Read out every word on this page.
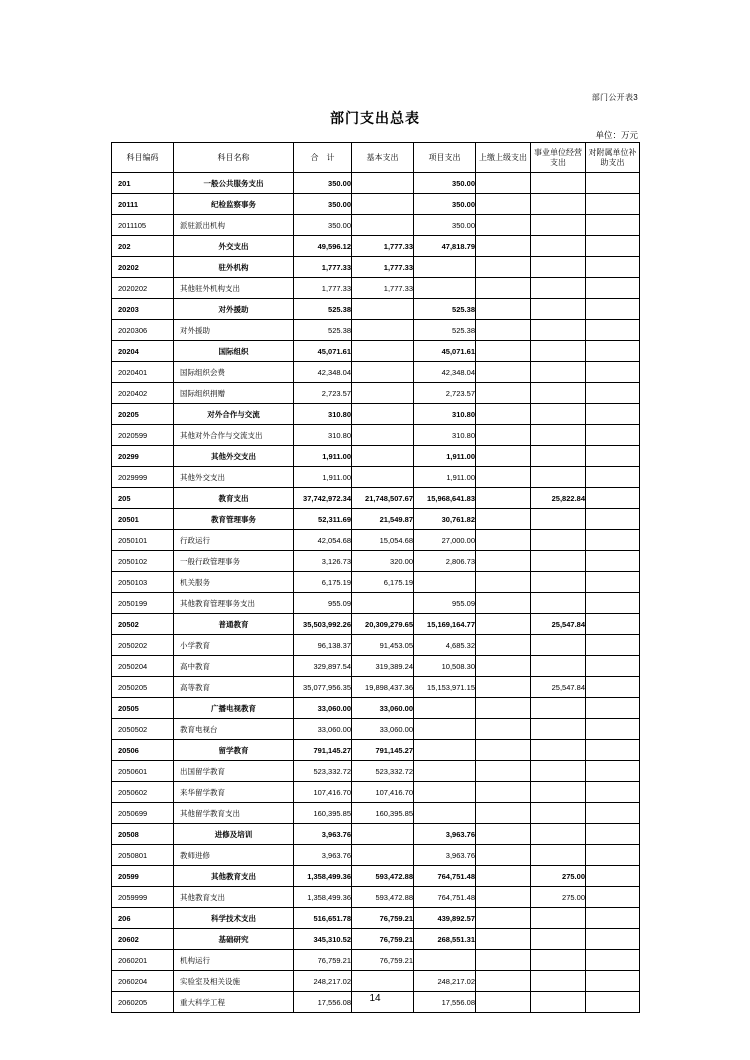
部门公开表3
部门支出总表
单位：万元
科目编码	科目名称	合　计	基本支出	项目支出	上缴上级支出	事业单位经营支出	对附属单位补助支出
201	一般公共服务支出	350.00		350.00			
20111	纪检监察事务	350.00		350.00			
2011105	派驻派出机构	350.00		350.00			
202	外交支出	49,596.12	1,777.33	47,818.79			
20202	驻外机构	1,777.33	1,777.33				
2020202	其他驻外机构支出	1,777.33	1,777.33				
20203	对外援助	525.38		525.38			
2020306	对外援助	525.38		525.38			
20204	国际组织	45,071.61		45,071.61			
2020401	国际组织会费	42,348.04		42,348.04			
2020402	国际组织捐赠	2,723.57		2,723.57			
20205	对外合作与交流	310.80		310.80			
2020599	其他对外合作与交流支出	310.80		310.80			
20299	其他外交支出	1,911.00		1,911.00			
2029999	其他外交支出	1,911.00		1,911.00			
205	教育支出	37,742,972.34	21,748,507.67	15,968,641.83		25,822.84	
20501	教育管理事务	52,311.69	21,549.87	30,761.82			
2050101	行政运行	42,054.68	15,054.68	27,000.00			
2050102	一般行政管理事务	3,126.73	320.00	2,806.73			
2050103	机关服务	6,175.19	6,175.19				
2050199	其他教育管理事务支出	955.09		955.09			
20502	普通教育	35,503,992.26	20,309,279.65	15,169,164.77		25,547.84	
2050202	小学教育	96,138.37	91,453.05	4,685.32			
2050204	高中教育	329,897.54	319,389.24	10,508.30			
2050205	高等教育	35,077,956.35	19,898,437.36	15,153,971.15		25,547.84	
20505	广播电视教育	33,060.00	33,060.00				
2050502	教育电视台	33,060.00	33,060.00				
20506	留学教育	791,145.27	791,145.27				
2050601	出国留学教育	523,332.72	523,332.72				
2050602	来华留学教育	107,416.70	107,416.70				
2050699	其他留学教育支出	160,395.85	160,395.85				
20508	进修及培训	3,963.76		3,963.76			
2050801	教师进修	3,963.76		3,963.76			
20599	其他教育支出	1,358,499.36	593,472.88	764,751.48		275.00	
2059999	其他教育支出	1,358,499.36	593,472.88	764,751.48		275.00	
206	科学技术支出	516,651.78	76,759.21	439,892.57			
20602	基础研究	345,310.52	76,759.21	268,551.31			
2060201	机构运行	76,759.21	76,759.21				
2060204	实验室及相关设施	248,217.02		248,217.02			
2060205	重大科学工程	17,556.08		17,556.08			
14
